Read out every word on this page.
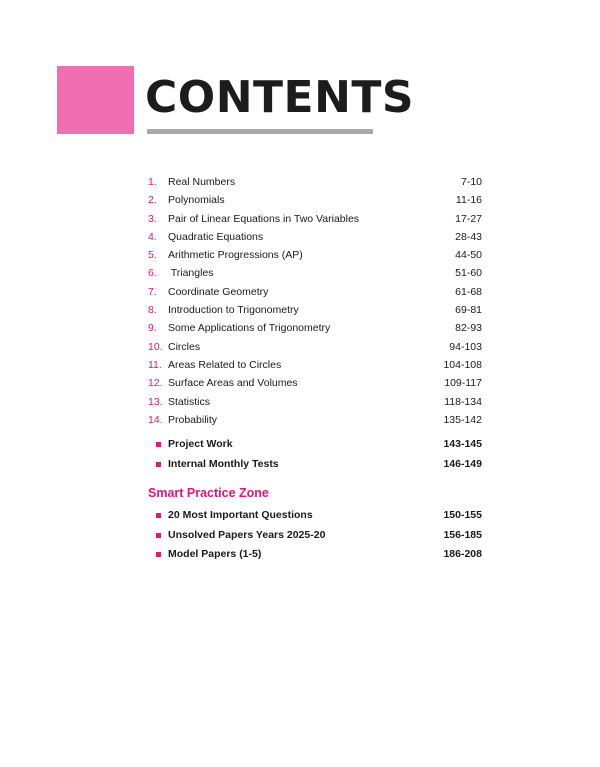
CONTENTS
1. Real Numbers	7-10
2. Polynomials	11-16
3. Pair of Linear Equations in Two Variables	17-27
4. Quadratic Equations	28-43
5. Arithmetic Progressions (AP)	44-50
6. Triangles	51-60
7. Coordinate Geometry	61-68
8. Introduction to Trigonometry	69-81
9. Some Applications of Trigonometry	82-93
10. Circles	94-103
11. Areas Related to Circles	104-108
12. Surface Areas and Volumes	109-117
13. Statistics	118-134
14. Probability	135-142
Project Work	143-145
Internal Monthly Tests	146-149
Smart Practice Zone
20 Most Important Questions	150-155
Unsolved Papers Years 2025-20	156-185
Model Papers (1-5)	186-208
